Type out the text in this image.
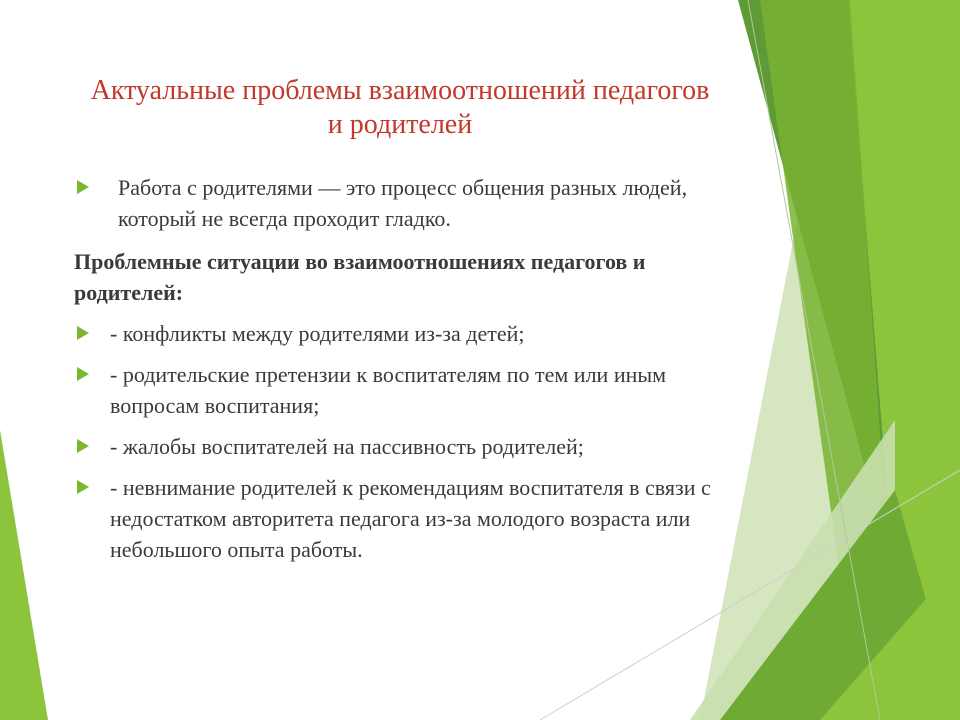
Актуальные проблемы взаимоотношений педагогов и родителей
Работа с родителями — это процесс общения разных людей, который не всегда проходит гладко.
Проблемные ситуации во взаимоотношениях педагогов и родителей:
- конфликты между родителями из-за детей;
- родительские претензии к воспитателям по тем или иным вопросам воспитания;
- жалобы воспитателей на пассивность родителей;
- невнимание родителей к рекомендациям воспитателя в связи с недостатком авторитета педагога из-за молодого возраста или небольшого опыта работы.
